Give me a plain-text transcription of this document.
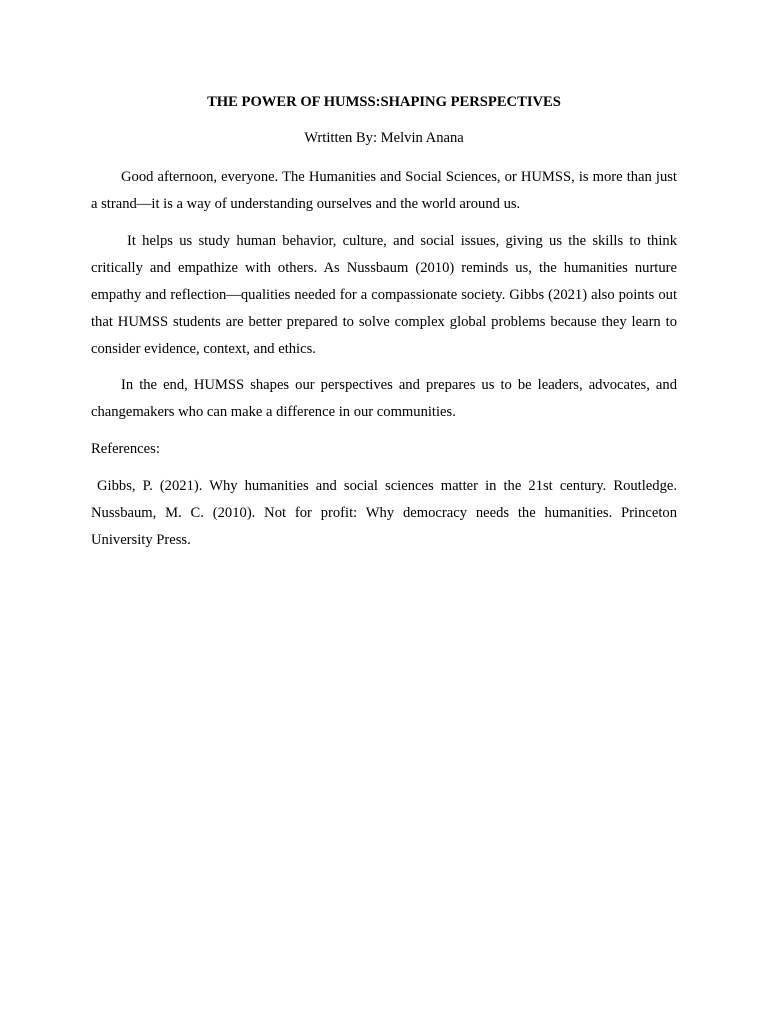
THE POWER OF HUMSS:SHAPING PERSPECTIVES

Wrtitten By: Melvin Anana

Good afternoon, everyone. The Humanities and Social Sciences, or HUMSS, is more than just a strand—it is a way of understanding ourselves and the world around us.

It helps us study human behavior, culture, and social issues, giving us the skills to think critically and empathize with others. As Nussbaum (2010) reminds us, the humanities nurture empathy and reflection—qualities needed for a compassionate society. Gibbs (2021) also points out that HUMSS students are better prepared to solve complex global problems because they learn to consider evidence, context, and ethics.

In the end, HUMSS shapes our perspectives and prepares us to be leaders, advocates, and changemakers who can make a difference in our communities.

References:

Gibbs, P. (2021). Why humanities and social sciences matter in the 21st century. Routledge. Nussbaum, M. C. (2010). Not for profit: Why democracy needs the humanities. Princeton University Press.
